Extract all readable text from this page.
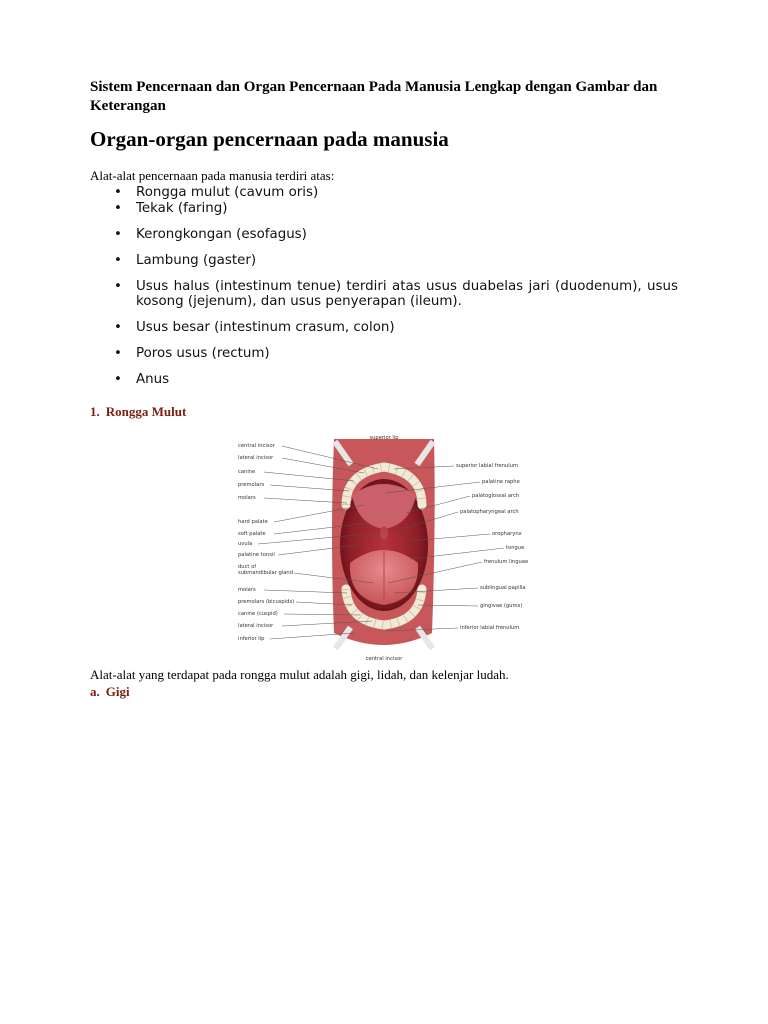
Sistem Pencernaan dan Organ Pencernaan Pada Manusia Lengkap dengan Gambar dan Keterangan
Organ-organ pencernaan pada manusia

Alat-alat pencernaan pada manusia terdiri atas:

• Rongga mulut (cavum oris)
• Tekak (faring)
• Kerongkongan (esofagus)
• Lambung (gaster)
• Usus halus (intestinum tenue) terdiri atas usus duabelas jari (duodenum), usus kosong (jejenum), dan usus penyerapan (ileum).
• Usus besar (intestinum crasum, colon)
• Poros usus (rectum)
• Anus
1. Rongga Mulut
superior lip
central incisor
central incisor
lateral incisor
canine
premolars
molars
hard palate
soft palate
uvula
palatine tonsil
duct of
submandibular gland
molars
premolars (bicuspids)
canine (cuspid)
lateral incisor
inferior lip
superior labial frenulum
palatine raphe
palatoglossal arch
palatopharyngeal arch
oropharynx
tongue
frenulum linguae
sublingual papilla
gingivae (gums)
inferior labial frenulum

Alat-alat yang terdapat pada rongga mulut adalah gigi, lidah, dan kelenjar ludah.

a. Gigi
